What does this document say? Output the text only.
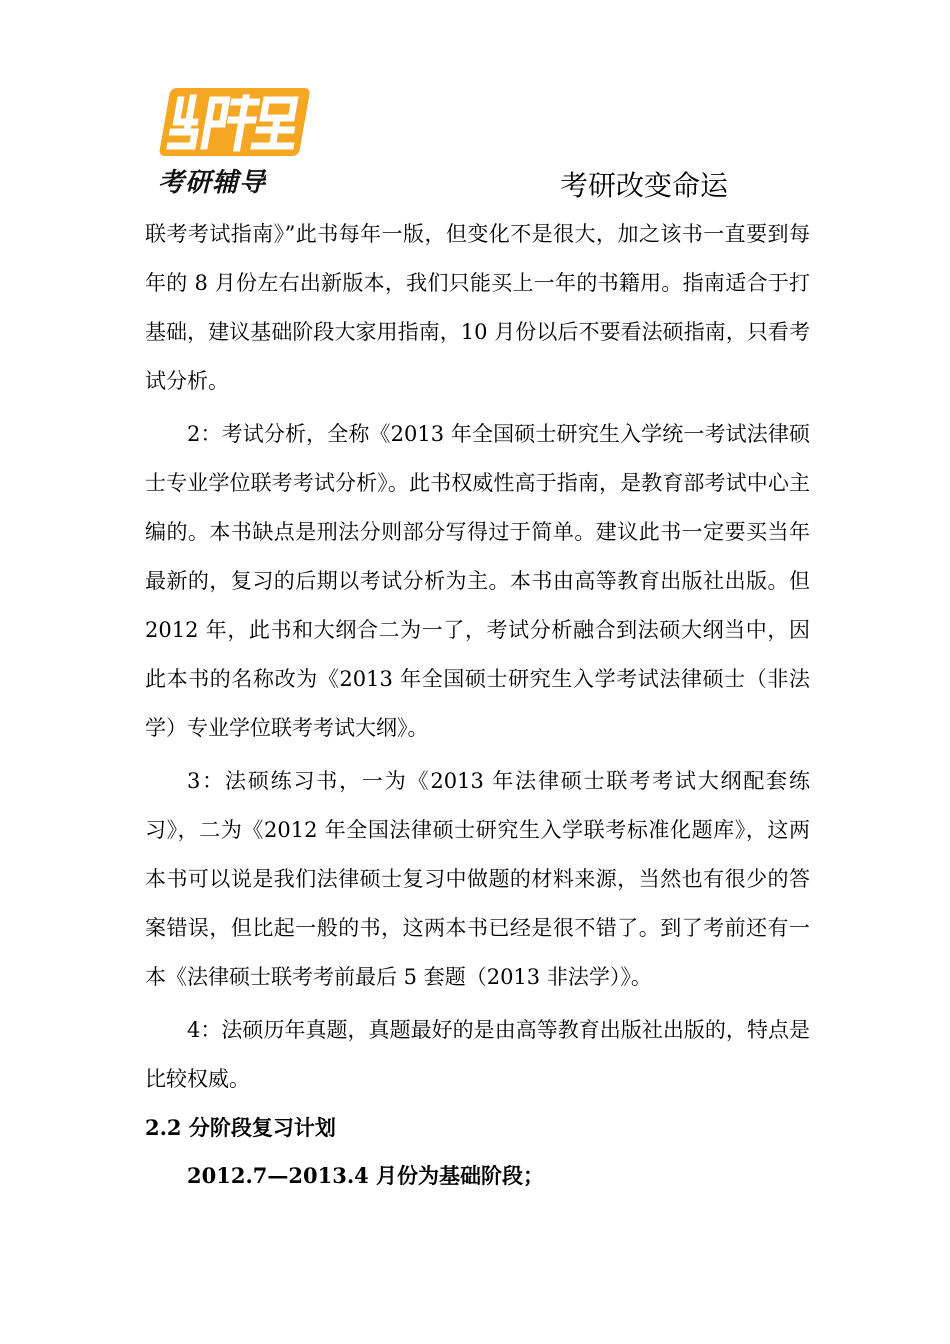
考研辅导	考研改变命运

联考考试指南》”此书每年一版，但变化不是很大，加之该书一直要到每年的 8 月份左右出新版本，我们只能买上一年的书籍用。指南适合于打基础，建议基础阶段大家用指南，10 月份以后不要看法硕指南，只看考试分析。

2：考试分析，全称《2013 年全国硕士研究生入学统一考试法律硕士专业学位联考考试分析》。此书权威性高于指南，是教育部考试中心主编的。本书缺点是刑法分则部分写得过于简单。建议此书一定要买当年最新的，复习的后期以考试分析为主。本书由高等教育出版社出版。但 2012 年，此书和大纲合二为一了，考试分析融合到法硕大纲当中，因此本书的名称改为《2013 年全国硕士研究生入学考试法律硕士（非法学）专业学位联考考试大纲》。

3：法硕练习书，一为《2013 年法律硕士联考考试大纲配套练习》，二为《2012 年全国法律硕士研究生入学联考标准化题库》，这两本书可以说是我们法律硕士复习中做题的材料来源，当然也有很少的答案错误，但比起一般的书，这两本书已经是很不错了。到了考前还有一本《法律硕士联考考前最后 5 套题（2013 非法学）》。

4：法硕历年真题，真题最好的是由高等教育出版社出版的，特点是比较权威。

2.2 分阶段复习计划
2012.7—2013.4 月份为基础阶段；
